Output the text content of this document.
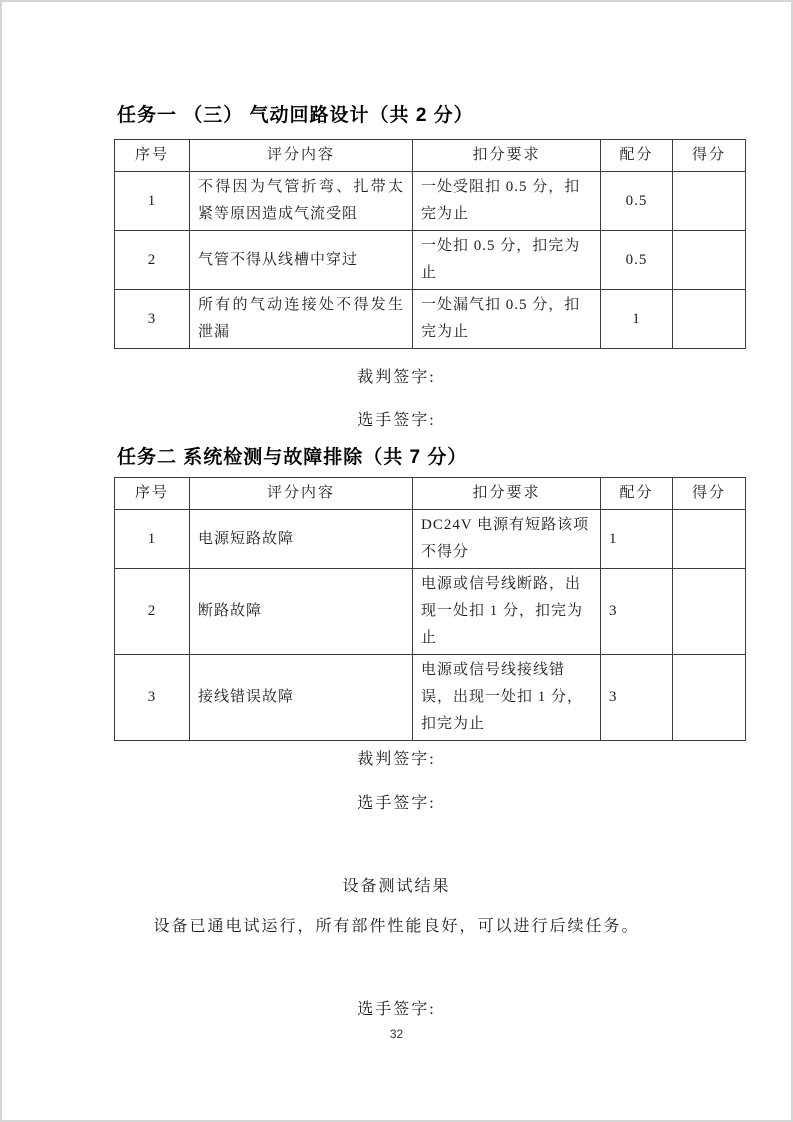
任务一 （三） 气动回路设计（共 2 分）
序号	评分内容	扣分要求	配分	得分
1	不得因为气管折弯、扎带太紧等原因造成气流受阻	一处受阻扣 0.5 分，扣完为止	0.5	
2	气管不得从线槽中穿过	一处扣 0.5 分，扣完为止	0.5	
3	所有的气动连接处不得发生泄漏	一处漏气扣 0.5 分，扣完为止	1	
裁判签字:
选手签字:
任务二 系统检测与故障排除（共 7 分）
序号	评分内容	扣分要求	配分	得分
1	电源短路故障	DC24V 电源有短路该项不得分	1	
2	断路故障	电源或信号线断路，出现一处扣 1 分，扣完为止	3	
3	接线错误故障	电源或信号线接线错误，出现一处扣 1 分，扣完为止	3	
裁判签字:
选手签字:
设备测试结果
设备已通电试运行，所有部件性能良好，可以进行后续任务。
选手签字:
32
